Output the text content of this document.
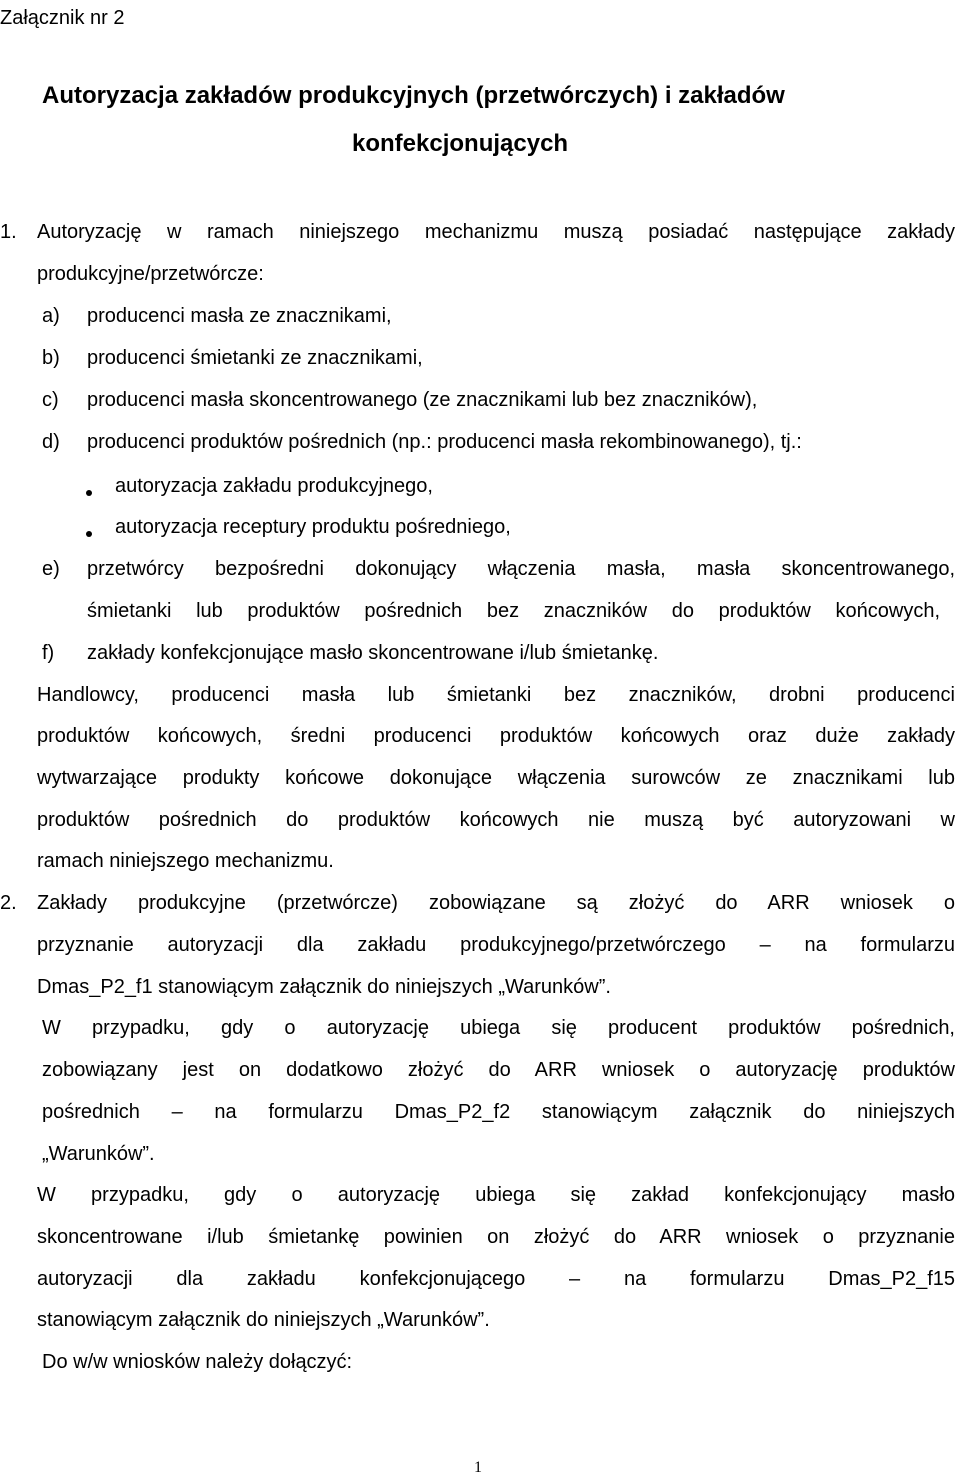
Załącznik nr 2
Autoryzacja zakładów produkcyjnych (przetwórczych) i zakładów
konfekcjonujących
1. Autoryzację w ramach niniejszego mechanizmu muszą posiadać następujące zakłady
produkcyjne/przetwórcze:
a) producenci masła ze znacznikami,
b) producenci śmietanki ze znacznikami,
c) producenci masła skoncentrowanego (ze znacznikami lub bez znaczników),
d) producenci produktów pośrednich (np.: producenci masła rekombinowanego), tj.:
autoryzacja zakładu produkcyjnego,
autoryzacja receptury produktu pośredniego,
e) przetwórcy bezpośredni dokonujący włączenia masła, masła skoncentrowanego,
śmietanki lub produktów pośrednich bez znaczników do produktów końcowych,
f) zakłady konfekcjonujące masło skoncentrowane i/lub śmietankę.
Handlowcy, producenci masła lub śmietanki bez znaczników, drobni producenci
produktów końcowych, średni producenci produktów końcowych oraz duże zakłady
wytwarzające produkty końcowe dokonujące włączenia surowców ze znacznikami lub
produktów pośrednich do produktów końcowych nie muszą być autoryzowani w
ramach niniejszego mechanizmu.
2. Zakłady produkcyjne (przetwórcze) zobowiązane są złożyć do ARR wniosek o
przyznanie autoryzacji dla zakładu produkcyjnego/przetwórczego – na formularzu
Dmas_P2_f1 stanowiącym załącznik do niniejszych „Warunków”.
W przypadku, gdy o autoryzację ubiega się producent produktów pośrednich,
zobowiązany jest on dodatkowo złożyć do ARR wniosek o autoryzację produktów
pośrednich – na formularzu Dmas_P2_f2 stanowiącym załącznik do niniejszych
„Warunków”.
W przypadku, gdy o autoryzację ubiega się zakład konfekcjonujący masło
skoncentrowane i/lub śmietankę powinien on złożyć do ARR wniosek o przyznanie
autoryzacji dla zakładu konfekcjonującego – na formularzu Dmas_P2_f15
stanowiącym załącznik do niniejszych „Warunków”.
Do w/w wniosków należy dołączyć:
1
